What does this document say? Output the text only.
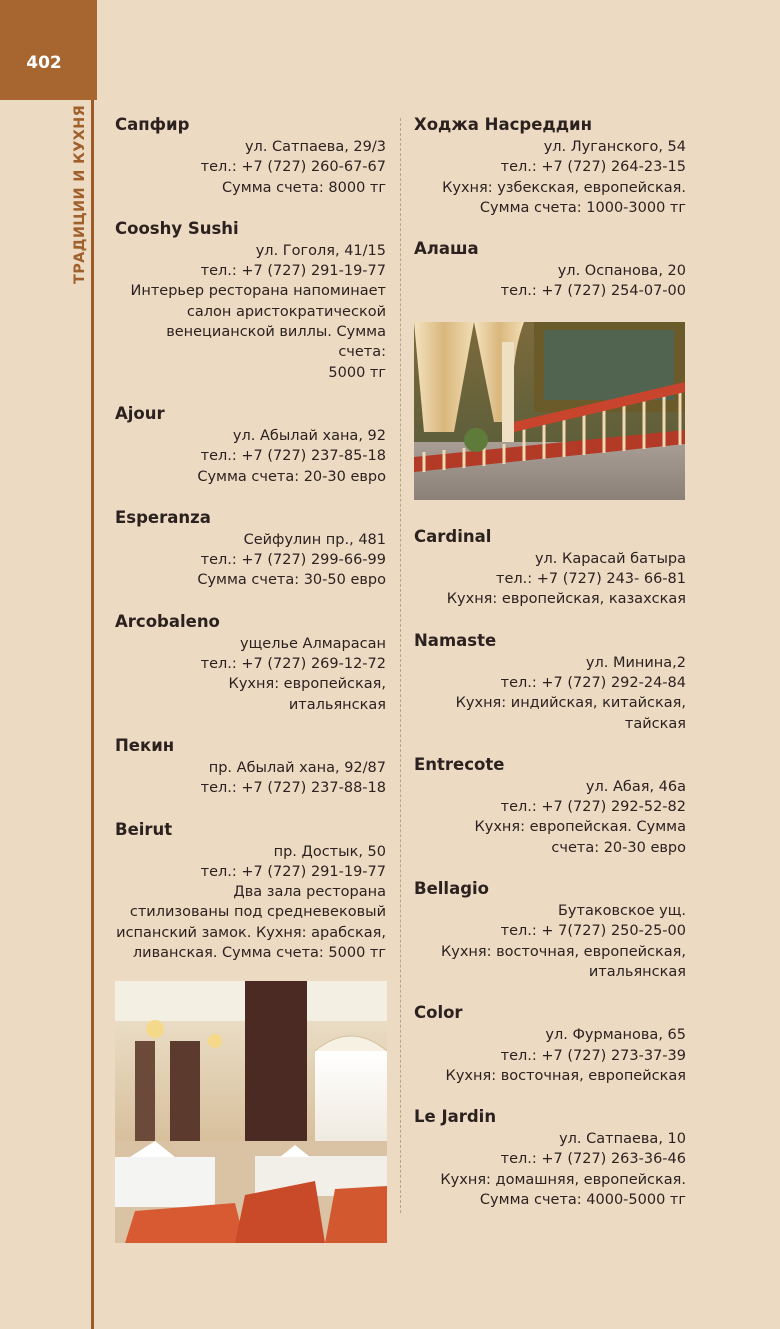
402
ТРАДИЦИИ И КУХНЯ Сапфир
ул. Сатпаева, 29/3
тел.: +7 (727) 260-67-67
Сумма счета: 8000 тг
Cooshy Sushi
ул. Гоголя, 41/15
тел.: +7 (727) 291-19-77
Интерьер ресторана напоминает
салон аристократической
венецианской виллы. Сумма счета:
5000 тг
Ajour
ул. Абылай хана, 92
тел.: +7 (727) 237-85-18
Сумма счета: 20-30 евро
Esperanza
Сейфулин пр., 481
тел.: +7 (727) 299-66-99
Сумма счета: 30-50 евро
Arcobaleno
ущелье Алмарасан
тел.: +7 (727) 269-12-72
Кухня: европейская,
итальянская
Пекин
пр. Абылай хана, 92/87
тел.: +7 (727) 237-88-18
Beirut
пр. Достык, 50
тел.: +7 (727) 291-19-77
Два зала ресторана
стилизованы под средневековый
испанский замок. Кухня: арабская,
ливанская. Сумма счета: 5000 тг
Ходжа Насреддин
ул. Луганского, 54
тел.: +7 (727) 264-23-15
Кухня: узбекская, европейская.
Сумма счета: 1000-3000 тг
Алаша
ул. Оспанова, 20
тел.: +7 (727) 254-07-00
Cardinal
ул. Карасай батыра
тел.: +7 (727) 243- 66-81
Кухня: европейская, казахская
Namaste
ул. Минина,2
тел.: +7 (727) 292-24-84
Кухня: индийская, китайская,
тайская
Entrecote
ул. Абая, 46а
тел.: +7 (727) 292-52-82
Кухня: европейская. Сумма
счета: 20-30 евро
Bellagio
Бутаковское ущ.
тел.: + 7(727) 250-25-00
Кухня: восточная, европейская,
итальянская
Color
ул. Фурманова, 65
тел.: +7 (727) 273-37-39
Кухня: восточная, европейская
Le Jardin
ул. Сатпаева, 10
тел.: +7 (727) 263-36-46
Кухня: домашняя, европейская.
Сумма счета: 4000-5000 тг
